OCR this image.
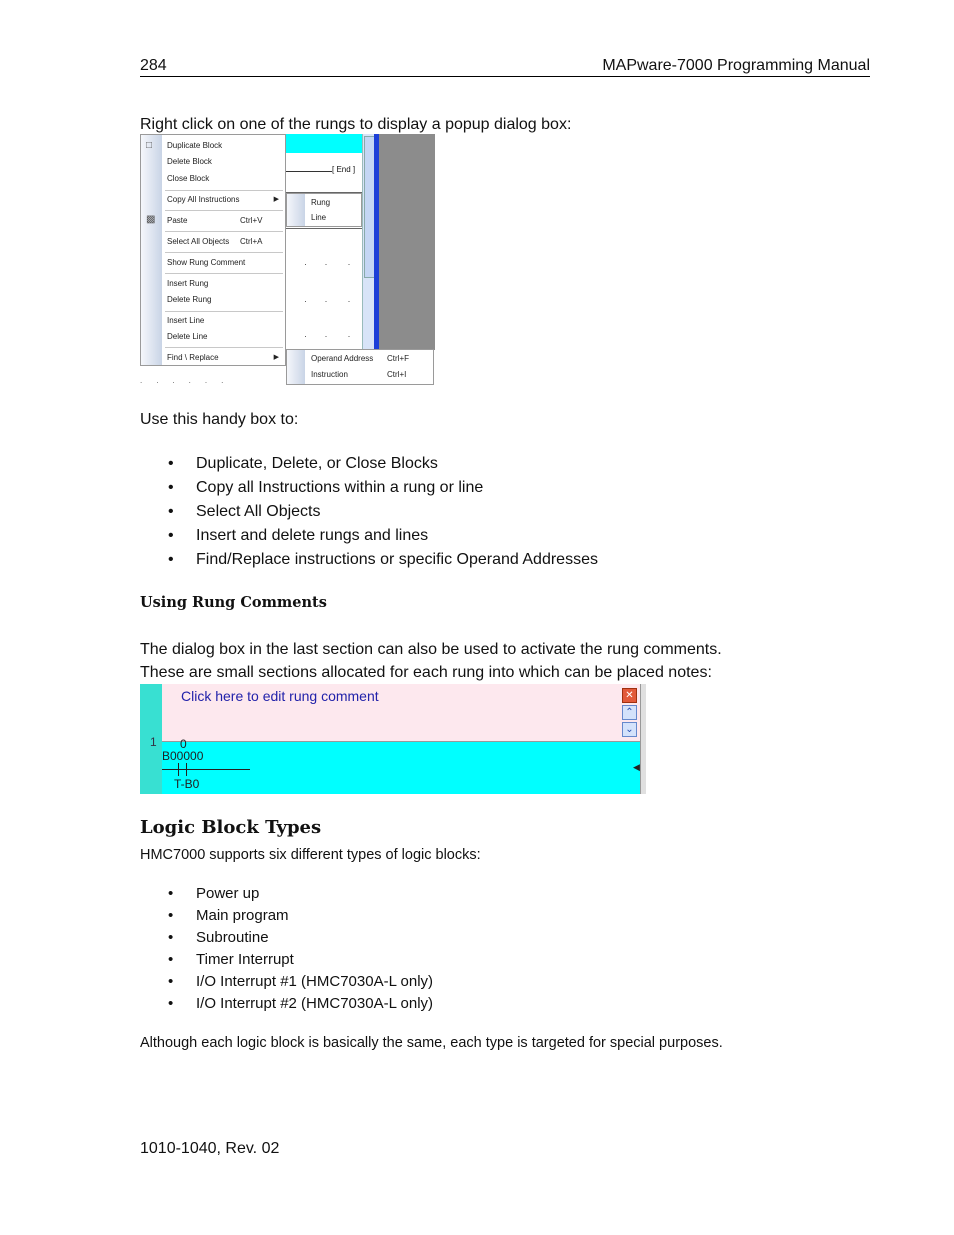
284	MAPware-7000 Programming Manual
Right click on one of the rungs to display a popup dialog box:
[ End ]
·       ·        ·
·       ·        ·
·       ·        ·
□
▩
Duplicate Block
Delete Block
Close Block
Copy All Instructions	▶
Paste	Ctrl+V
Select All Objects Ctrl+A
Show Rung Comment
Insert Rung
Delete Rung
Insert Line
Delete Line
Find \ Replace	▶
Rung
Line
Operand Address Ctrl+F
Instruction	Ctrl+I
......
Use this handy box to:
• Duplicate, Delete, or Close Blocks
• Copy all Instructions within a rung or line
• Select All Objects
• Insert and delete rungs and lines
• Find/Replace instructions or specific Operand Addresses
Using Rung Comments
The dialog box in the last section can also be used to activate the rung comments.
These are small sections allocated for each rung into which can be placed notes:
Click here to edit rung comment	✕
⌃
⌄
1 0
B00000
T-B0
◀
Logic Block Types
HMC7000 supports six different types of logic blocks:
• Power up
• Main program
• Subroutine
• Timer Interrupt
• I/O Interrupt #1 (HMC7030A-L only)
• I/O Interrupt #2 (HMC7030A-L only)
Although each logic block is basically the same, each type is targeted for special purposes.
1010-1040, Rev. 02
